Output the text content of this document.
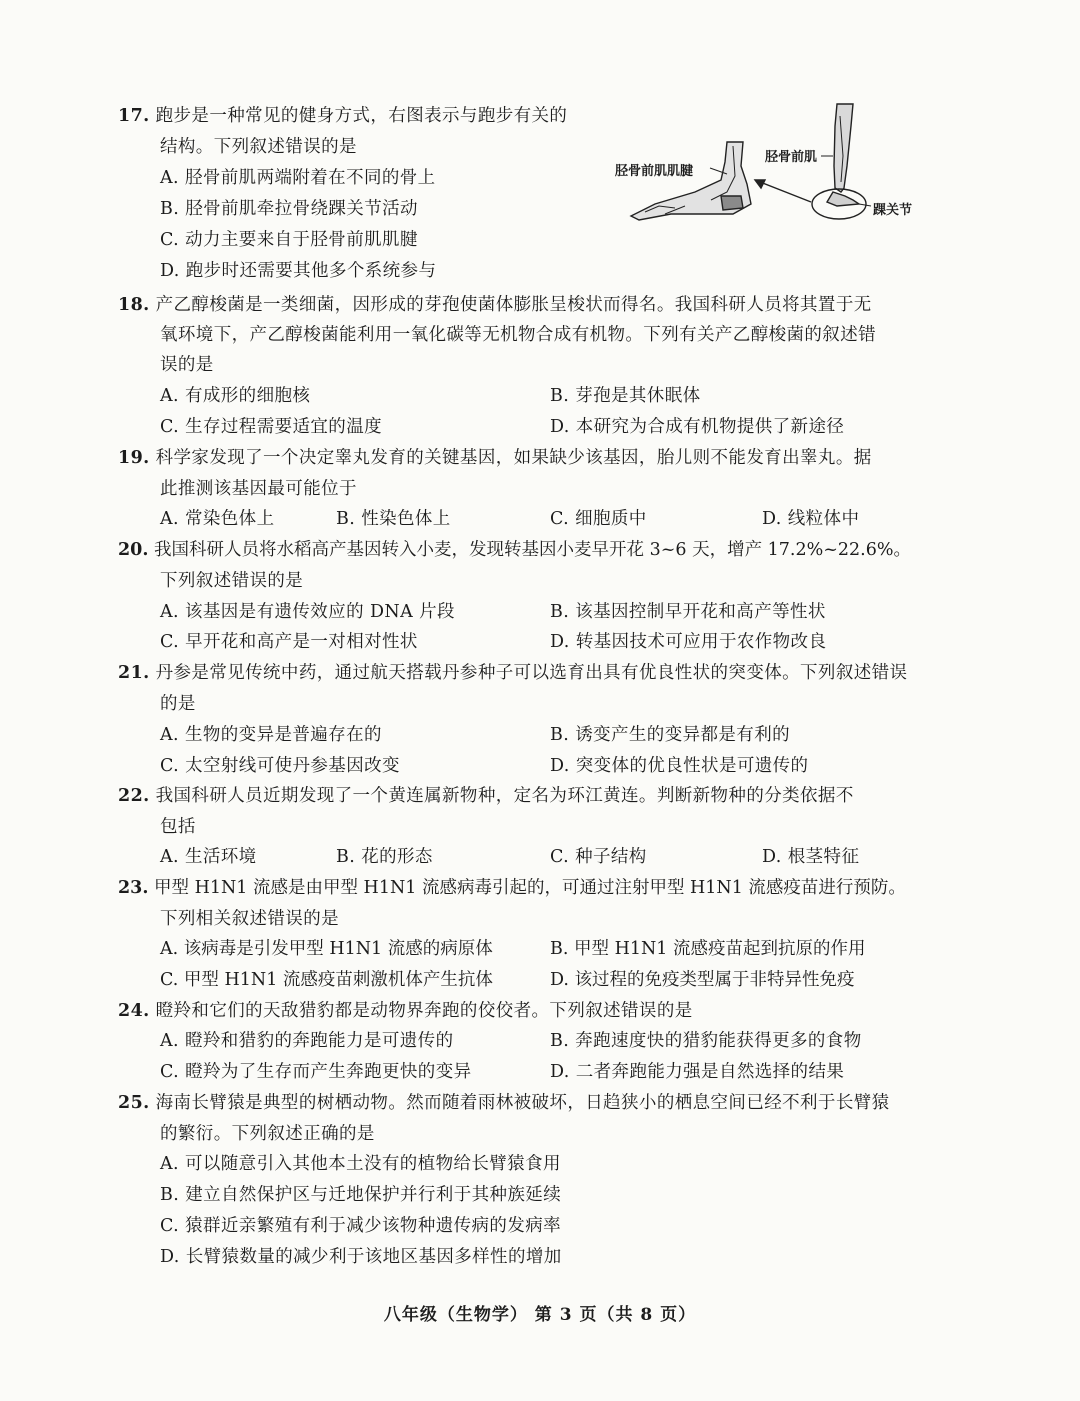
17. 跑步是一种常见的健身方式，右图表示与跑步有关的
结构。下列叙述错误的是
A. 胫骨前肌两端附着在不同的骨上
B. 胫骨前肌牵拉骨绕踝关节活动
C. 动力主要来自于胫骨前肌肌腱
D. 跑步时还需要其他多个系统参与
胫骨前肌肌腱
胫骨前肌
踝关节
18. 产乙醇梭菌是一类细菌，因形成的芽孢使菌体膨胀呈梭状而得名。我国科研人员将其置于无
氧环境下，产乙醇梭菌能利用一氧化碳等无机物合成有机物。下列有关产乙醇梭菌的叙述错
误的是
A. 有成形的细胞核	B. 芽孢是其休眠体
C. 生存过程需要适宜的温度	D. 本研究为合成有机物提供了新途径
19. 科学家发现了一个决定睾丸发育的关键基因，如果缺少该基因，胎儿则不能发育出睾丸。据
此推测该基因最可能位于
A. 常染色体上	B. 性染色体上	C. 细胞质中	D. 线粒体中
20. 我国科研人员将水稻高产基因转入小麦，发现转基因小麦早开花 3~6 天，增产 17.2%~22.6%。
下列叙述错误的是
A. 该基因是有遗传效应的 DNA 片段	B. 该基因控制早开花和高产等性状
C. 早开花和高产是一对相对性状	D. 转基因技术可应用于农作物改良
21. 丹参是常见传统中药，通过航天搭载丹参种子可以选育出具有优良性状的突变体。下列叙述错误
的是
A. 生物的变异是普遍存在的	B. 诱变产生的变异都是有利的
C. 太空射线可使丹参基因改变	D. 突变体的优良性状是可遗传的
22. 我国科研人员近期发现了一个黄连属新物种，定名为环江黄连。判断新物种的分类依据不
包括
A. 生活环境	B. 花的形态	C. 种子结构	D. 根茎特征
23. 甲型 H1N1 流感是由甲型 H1N1 流感病毒引起的，可通过注射甲型 H1N1 流感疫苗进行预防。
下列相关叙述错误的是
A. 该病毒是引发甲型 H1N1 流感的病原体	B. 甲型 H1N1 流感疫苗起到抗原的作用
C. 甲型 H1N1 流感疫苗刺激机体产生抗体	D. 该过程的免疫类型属于非特异性免疫
24. 瞪羚和它们的天敌猎豹都是动物界奔跑的佼佼者。下列叙述错误的是
A. 瞪羚和猎豹的奔跑能力是可遗传的	B. 奔跑速度快的猎豹能获得更多的食物
C. 瞪羚为了生存而产生奔跑更快的变异	D. 二者奔跑能力强是自然选择的结果
25. 海南长臂猿是典型的树栖动物。然而随着雨林被破坏，日趋狭小的栖息空间已经不利于长臂猿
的繁衍。下列叙述正确的是
A. 可以随意引入其他本土没有的植物给长臂猿食用
B. 建立自然保护区与迁地保护并行利于其种族延续
C. 猿群近亲繁殖有利于减少该物种遗传病的发病率
D. 长臂猿数量的减少利于该地区基因多样性的增加
八年级（生物学） 第 3 页（共 8 页）
